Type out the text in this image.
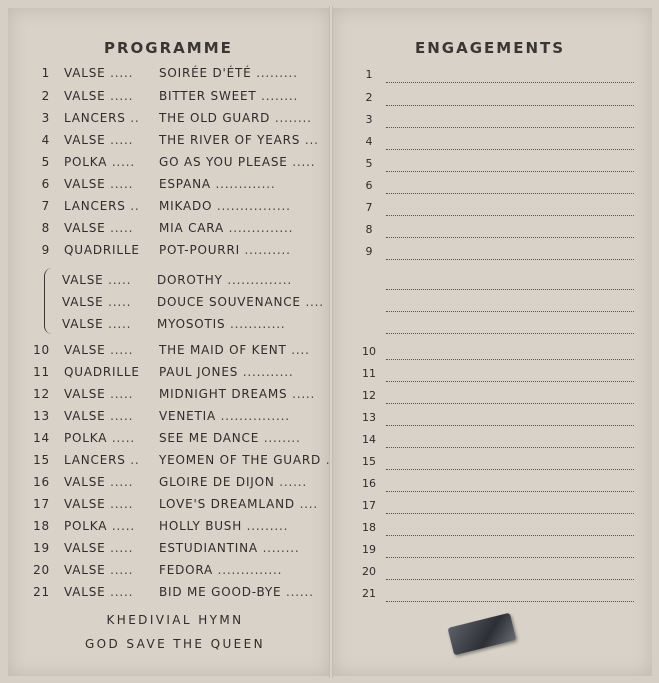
PROGRAMME	ENGAGEMENTS
1 VALSE ..... SOIRÉE D'ÉTÉ .........
2 VALSE ..... BITTER SWEET ........
3 LANCERS .. THE OLD GUARD ........
4 VALSE ..... THE RIVER OF YEARS ...
5 POLKA ..... GO AS YOU PLEASE .....
6 VALSE ..... ESPANA .............
7 LANCERS .. MIKADO ................
8 VALSE ..... MIA CARA ..............
9 QUADRILLE POT-POURRI ..........
VALSE ..... DOROTHY ..............
VALSE ..... DOUCE SOUVENANCE ....
VALSE ..... MYOSOTIS ............
10 VALSE ..... THE MAID OF KENT ....
11 QUADRILLE PAUL JONES ...........
12 VALSE ..... MIDNIGHT DREAMS .....
13 VALSE ..... VENETIA ...............
14 POLKA ..... SEE ME DANCE ........
15 LANCERS .. YEOMEN OF THE GUARD .
16 VALSE ..... GLOIRE DE DIJON ......
17 VALSE ..... LOVE'S DREAMLAND ....
18 POLKA ..... HOLLY BUSH .........
19 VALSE ..... ESTUDIANTINA ........
20 VALSE ..... FEDORA ..............
21 VALSE ..... BID ME GOOD-BYE ......
KHEDIVIAL HYMN
GOD SAVE THE QUEEN
1
2
3
4
5
6
7
8
9
10
11
12
13
14
15
16
17
18
19
20
21
